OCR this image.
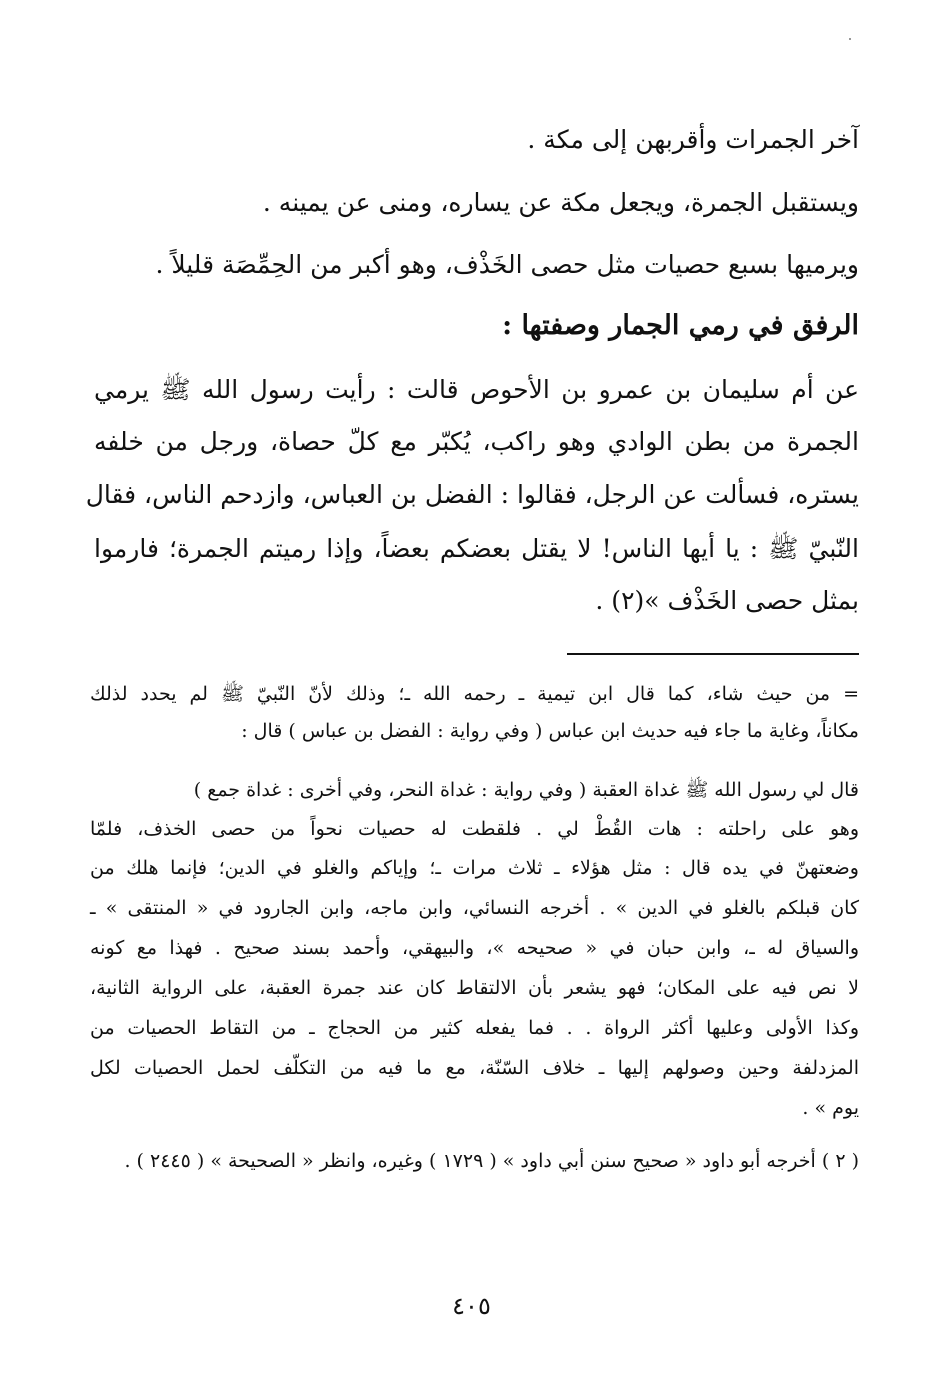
آخر الجمرات وأقربهن إلى مكة .
ويستقبل الجمرة، ويجعل مكة عن يساره، ومنى عن يمينه .
ويرميها بسبع حصيات مثل حصى الخَذْف، وهو أكبر من الحِمِّصَة قليلاً .
الرفق في رمي الجمار وصفتها :
عن أم سليمان بن عمرو بن الأحوص قالت : رأيت رسول الله ﷺ يرمي
الجمرة من بطن الوادي وهو راكب، يُكبّر مع كلّ حصاة، ورجل من خلفه
يستره، فسألت عن الرجل، فقالوا : الفضل بن العباس، وازدحم الناس، فقال
النّبيّ ﷺ : يا أيها الناس! لا يقتل بعضكم بعضاً، وإذا رميتم الجمرة؛ فارموا
بمثل حصى الخَذْف »(٢) .
= من حيث شاء، كما قال ابن تيمية ـ رحمه الله ـ؛ وذلك لأنّ النّبيّ ﷺ لم يحدد لذلك
مكاناً، وغاية ما جاء فيه حديث ابن عباس ( وفي رواية : الفضل بن عباس ) قال :
قال لي رسول الله ﷺ غداة العقبة ( وفي رواية : غداة النحر، وفي أخرى : غداة جمع )
وهو على راحلته : هات القُطْ لي . فلقطت له حصيات نحواً من حصى الخذف، فلمّا
وضعتهنّ في يده قال : مثل هؤلاء ـ ثلاث مرات ـ؛ وإياكم والغلو في الدين؛ فإنما هلك من
كان قبلكم بالغلو في الدين » . أخرجه النسائي، وابن ماجه، وابن الجارود في « المنتقى » ـ
والسياق له ـ، وابن حبان في « صحيحه »، والبيهقي، وأحمد بسند صحيح . فهذا مع كونه
لا نص فيه على المكان؛ فهو يشعر بأن الالتقاط كان عند جمرة العقبة، على الرواية الثانية،
وكذا الأولى وعليها أكثر الرواة . . فما يفعله كثير من الحجاج ـ من التقاط الحصيات من
المزدلفة وحين وصولهم إليها ـ خلاف السّنّة، مع ما فيه من التكلّف لحمل الحصيات لكل
يوم » .
( ٢ ) أخرجه أبو داود « صحيح سنن أبي داود » ( ١٧٢٩ ) وغيره، وانظر « الصحيحة » ( ٢٤٤٥ ) .
٤٠٥
